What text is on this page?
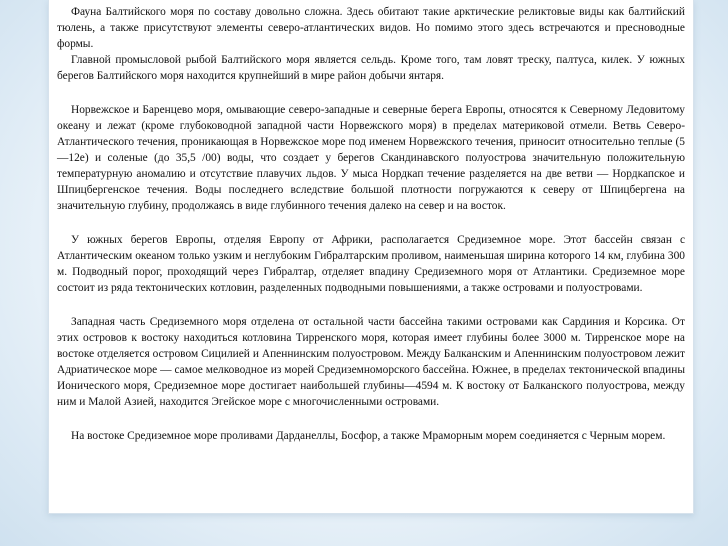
Фауна Балтийского моря по составу довольно сложна. Здесь обитают такие арктические реликтовые виды как балтийский тюлень, а также присутствуют элементы северо-атлантических видов. Но помимо этого здесь встречаются и пресноводные формы.

Главной промысловой рыбой Балтийского моря является сельдь. Кроме того, там ловят треску, палтуса, килек. У южных берегов Балтийского моря находится крупнейший в мире район добычи янтаря.

Норвежское и Баренцево моря, омывающие северо-западные и северные берега Европы, относятся к Северному Ледовитому океану и лежат (кроме глубоководной западной части Норвежского моря) в пределах материковой отмели. Ветвь Северо-Атлантического течения, проникающая в Норвежское море под именем Норвежского течения, приносит относительно теплые (5—12е) и соленые (до 35,5 /00) воды, что создает у берегов Скандинавского полуострова значительную положительную температурную аномалию и отсутствие плавучих льдов. У мыса Нордкап течение разделяется на две ветви — Нордкапское и Шпицбергенское течения. Воды последнего вследствие большой плотности погружаются к северу от Шпицбергена на значительную глубину, продолжаясь в виде глубинного течения далеко на север и на восток.

У южных берегов Европы, отделяя Европу от Африки, располагается Средиземное море. Этот бассейн связан с Атлантическим океаном только узким и неглубоким Гибралтарским проливом, наименьшая ширина которого 14 км, глубина 300 м. Подводный порог, проходящий через Гибралтар, отделяет впадину Средиземного моря от Атлантики. Средиземное море состоит из ряда тектонических котловин, разделенных подводными повышениями, а также островами и полуостровами.

Западная часть Средиземного моря отделена от остальной части бассейна такими островами как Сардиния и Корсика. От этих островов к востоку находиться котловина Тирренского моря, которая имеет глубины более 3000 м. Тирренское море на востоке отделяется островом Сицилией и Апеннинским полуостровом. Между Балканским и Апеннинским полуостровом лежит Адриатическое море — самое мелководное из морей Средиземноморского бассейна. Южнее, в пределах тектонической впадины Ионического моря, Средиземное море достигает наибольшей глубины—4594 м. К востоку от Балканского полуострова, между ним и Малой Азией, находится Эгейское море с многочисленными островами.

На востоке Средиземное море проливами Дарданеллы, Босфор, а также Мраморным морем соединяется с Черным морем.
